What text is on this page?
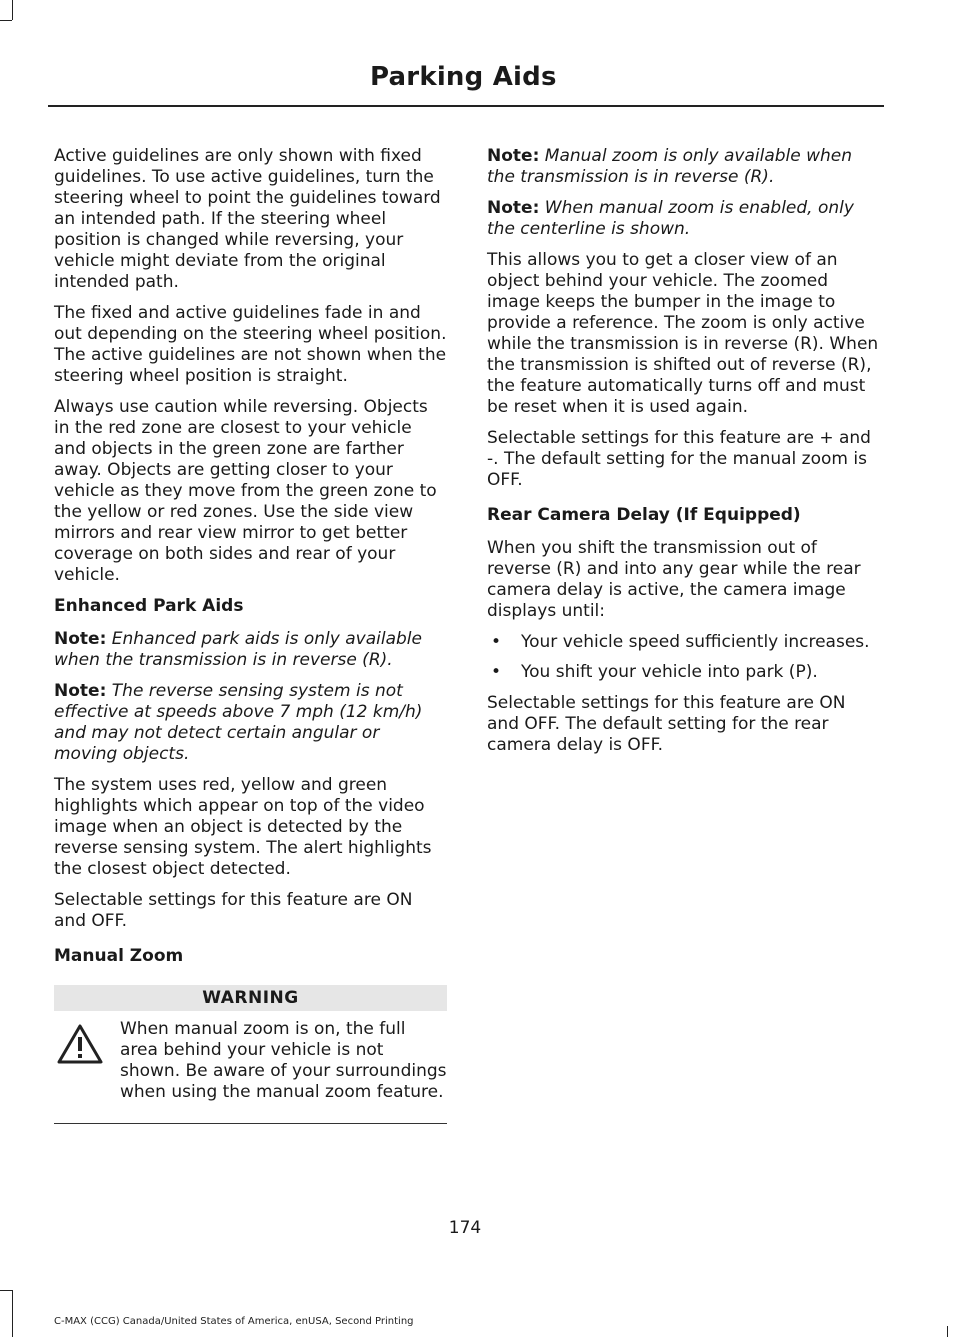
Parking Aids

Active guidelines are only shown with fixed guidelines. To use active guidelines, turn the steering wheel to point the guidelines toward an intended path. If the steering wheel position is changed while reversing, your vehicle might deviate from the original intended path.

The fixed and active guidelines fade in and out depending on the steering wheel position. The active guidelines are not shown when the steering wheel position is straight.

Always use caution while reversing. Objects in the red zone are closest to your vehicle and objects in the green zone are farther away. Objects are getting closer to your vehicle as they move from the green zone to the yellow or red zones. Use the side view mirrors and rear view mirror to get better coverage on both sides and rear of your vehicle.

Enhanced Park Aids

Note: Enhanced park aids is only available when the transmission is in reverse (R).

Note: The reverse sensing system is not effective at speeds above 7 mph (12 km/h) and may not detect certain angular or moving objects.

The system uses red, yellow and green highlights which appear on top of the video image when an object is detected by the reverse sensing system. The alert highlights the closest object detected.

Selectable settings for this feature are ON and OFF.

Manual Zoom
WARNING

When manual zoom is on, the full area behind your vehicle is not shown. Be aware of your surroundings when using the manual zoom feature.

Note: Manual zoom is only available when the transmission is in reverse (R).

Note: When manual zoom is enabled, only the centerline is shown.

This allows you to get a closer view of an object behind your vehicle. The zoomed image keeps the bumper in the image to provide a reference. The zoom is only active while the transmission is in reverse (R). When the transmission is shifted out of reverse (R), the feature automatically turns off and must be reset when it is used again.

Selectable settings for this feature are + and -. The default setting for the manual zoom is OFF.

Rear Camera Delay (If Equipped)

When you shift the transmission out of reverse (R) and into any gear while the rear camera delay is active, the camera image displays until:

• Your vehicle speed sufficiently increases.
• You shift your vehicle into park (P).

Selectable settings for this feature are ON and OFF. The default setting for the rear camera delay is OFF.

174
C-MAX (CCG) Canada/United States of America, enUSA, Second Printing
